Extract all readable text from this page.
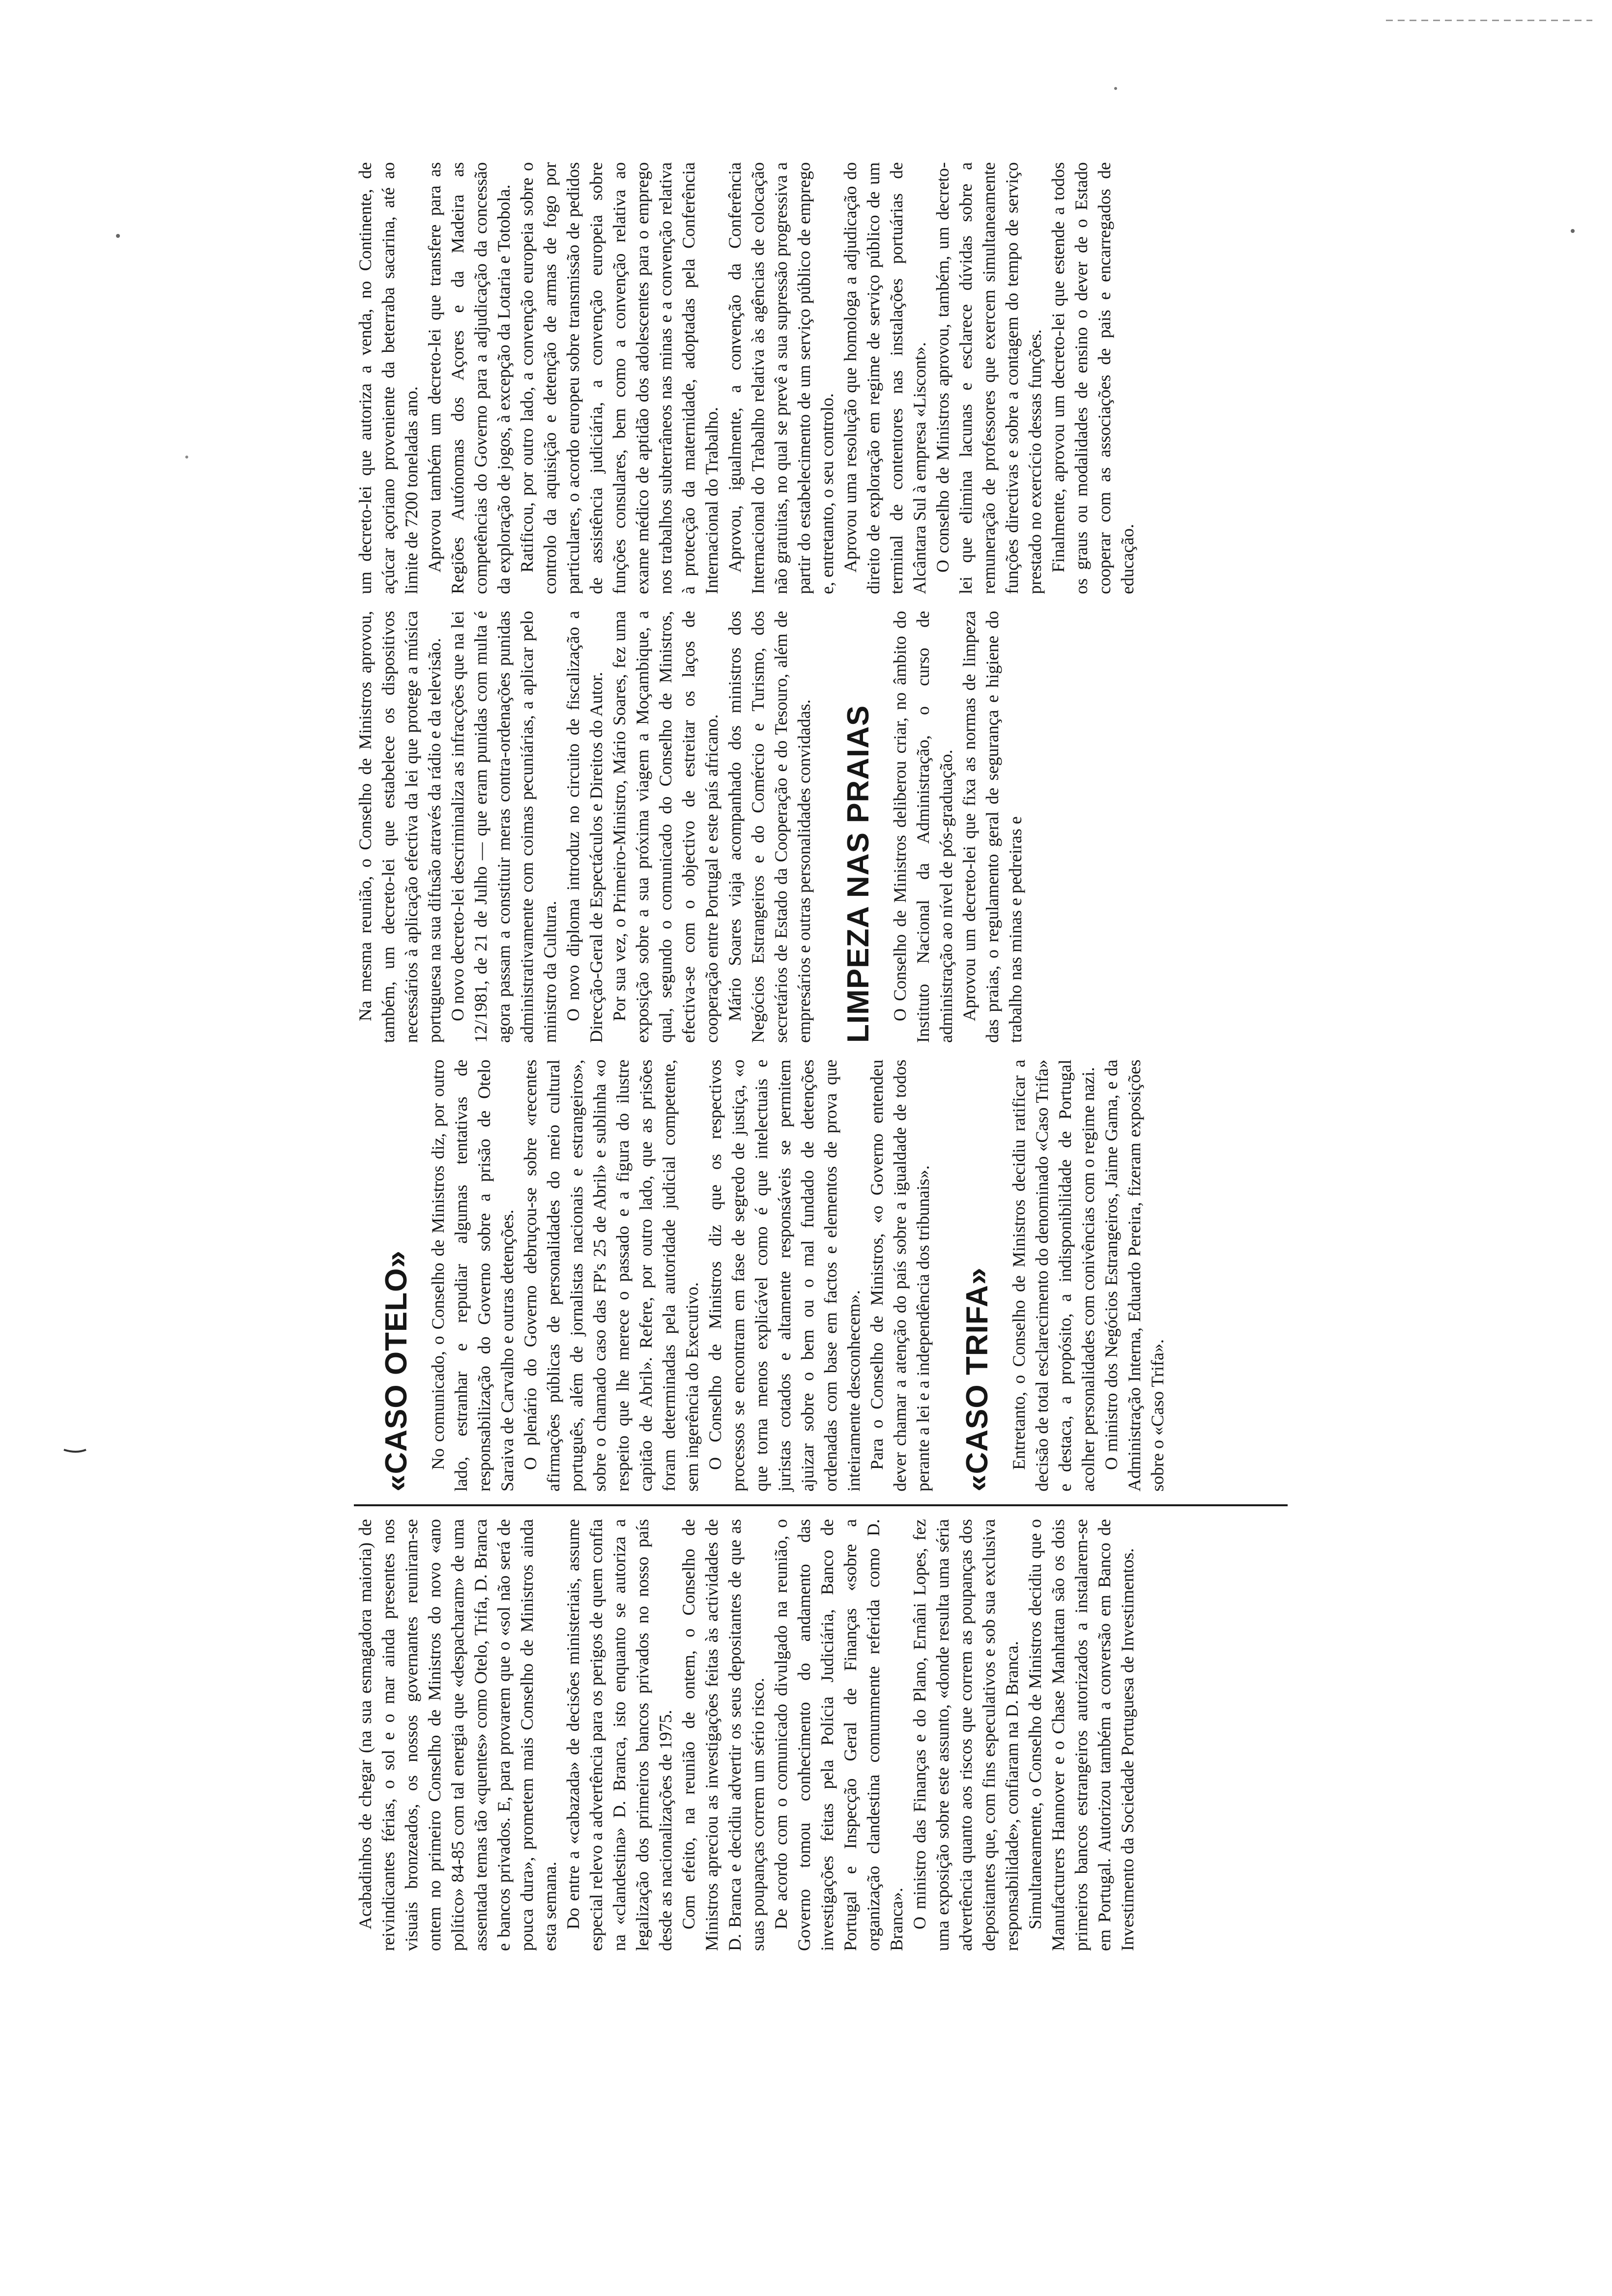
Acabadinhos de chegar (na sua esmagadora maioria) de reivindicantes férias, o sol e o mar ainda presentes nos visuais bronzeados, os nossos governantes reuniram-se ontem no primeiro Conselho de Ministros do novo «ano político» 84-85 com tal energia que «despacharam» de uma assentada temas tão «quentes» como Otelo, Trifa, D. Branca e bancos privados. E, para provarem que o «sol não será de pouca dura», prometem mais Conselho de Ministros ainda esta semana. Do entre a «cabazada» de decisões ministeriais, assume especial relevo a advertência para os perigos de quem confia na «clandestina» D. Branca, isto enquanto se autoriza a legalização dos primeiros bancos privados no nosso país desde as nacionalizações de 1975. Com efeito, na reunião de ontem, o Conselho de Ministros apreciou as investigações feitas às actividades de D. Branca e decidiu advertir os seus depositantes de que as suas poupanças correm um sério risco. De acordo com o comunicado divulgado na reunião, o Governo tomou conhecimento do andamento das investigações feitas pela Polícia Judiciária, Banco de Portugal e Inspecção Geral de Finanças «sobre a organização clandestina comummente referida como D. Branca». O ministro das Finanças e do Plano, Ernâni Lopes, fez uma exposição sobre este assunto, «donde resulta uma séria advertência quanto aos riscos que correm as poupanças dos depositantes que, com fins especulativos e sob sua exclusiva responsabilidade», confiaram na D. Branca. Simultaneamente, o Conselho de Ministros decidiu que o Manufacturers Hannover e o Chase Manhattan são os dois primeiros bancos estrangeiros autorizados a instalarem-se em Portugal. Autorizou também a conversão em Banco de Investimento da Sociedade Portuguesa de Investimentos.

«CASO OTELO» No comunicado, o Conselho de Ministros diz, por outro lado, estranhar e repudiar algumas tentativas de responsabilização do Governo sobre a prisão de Otelo Saraiva de Carvalho e outras detenções. O plenário do Governo debruçou-se sobre «recentes afirmações públicas de personalidades do meio cultural português, além de jornalistas nacionais e estrangeiros», sobre o chamado caso das FP's 25 de Abril» e sublinha «o respeito que lhe merece o passado e a figura do ilustre capitão de Abril». Refere, por outro lado, que as prisões foram determinadas pela autoridade judicial competente, sem ingerência do Executivo. O Conselho de Ministros diz que os respectivos processos se encontram em fase de segredo de justiça, «o que torna menos explicável como é que intelectuais e juristas cotados e altamente responsáveis se permitem ajuizar sobre o bem ou o mal fundado de detenções ordenadas com base em factos e elementos de prova que inteiramente desconhecem». Para o Conselho de Ministros, «o Governo entendeu dever chamar a atenção do país sobre a igualdade de todos perante a lei e a independência dos tribunais». «CASO TRIFA» Entretanto, o Conselho de Ministros decidiu ratificar a decisão de total esclarecimento do denominado «Caso Trifa» e destaca, a propósito, a indisponibilidade de Portugal acolher personalidades com conivências com o regime nazi. O ministro dos Negócios Estrangeiros, Jaime Gama, e da Administração Interna, Eduardo Pereira, fizeram exposições sobre o «Caso Trifa».

Na mesma reunião, o Conselho de Ministros aprovou, também, um decreto-lei que estabelece os dispositivos necessários à aplicação efectiva da lei que protege a música portuguesa na sua difusão através da rádio e da televisão. O novo decreto-lei descriminaliza as infracções que na lei 12/1981, de 21 de Julho — que eram punidas com multa é agora passam a constituir meras contra-ordenações punidas administrativamente com coimas pecuniárias, a aplicar pelo ministro da Cultura. O novo diploma introduz no circuito de fiscalização a Direcção-Geral de Espectáculos e Direitos do Autor. Por sua vez, o Primeiro-Ministro, Mário Soares, fez uma exposição sobre a sua próxima viagem a Moçambique, a qual, segundo o comunicado do Conselho de Ministros, efectiva-se com o objectivo de estreitar os laços de cooperação entre Portugal e este país africano. Mário Soares viaja acompanhado dos ministros dos Negócios Estrangeiros e do Comércio e Turismo, dos secretários de Estado da Cooperação e do Tesouro, além de empresários e outras personalidades convidadas. LIMPEZA NAS PRAIAS O Conselho de Ministros deliberou criar, no âmbito do Instituto Nacional da Administração, o curso de administração ao nível de pós-graduação. Aprovou um decreto-lei que fixa as normas de limpeza das praias, o regulamento geral de segurança e higiene do trabalho nas minas e pedreiras e

um decreto-lei que autoriza a venda, no Continente, de açúcar açoriano proveniente da beterraba sacarina, até ao limite de 7200 toneladas ano. Aprovou também um decreto-lei que transfere para as Regiões Autónomas dos Açores e da Madeira as competências do Governo para a adjudicação da concessão da exploração de jogos, à excepção da Lotaria e Totobola. Ratificou, por outro lado, a convenção europeia sobre o controlo da aquisição e detenção de armas de fogo por particulares, o acordo europeu sobre transmissão de pedidos de assistência judiciária, a convenção europeia sobre funções consulares, bem como a convenção relativa ao exame médico de aptidão dos adolescentes para o emprego nos trabalhos subterrâneos nas minas e a convenção relativa à protecção da maternidade, adoptadas pela Conferência Internacional do Trabalho. Aprovou, igualmente, a convenção da Conferência Internacional do Trabalho relativa às agências de colocação não gratuitas, no qual se prevê a sua supressão progressiva a partir do estabelecimento de um serviço público de emprego e, entretanto, o seu controlo. Aprovou uma resolução que homologa a adjudicação do direito de exploração em regime de serviço público de um terminal de contentores nas instalações portuárias de Alcântara Sul à empresa «Liscont». O conselho de Ministros aprovou, também, um decreto-lei que elimina lacunas e esclarece dúvidas sobre a remuneração de professores que exercem simultaneamente funções directivas e sobre a contagem do tempo de serviço prestado no exercício dessas funções. Finalmente, aprovou um decreto-lei que estende a todos os graus ou modalidades de ensino o dever de o Estado cooperar com as associações de pais e encarregados de educação.
